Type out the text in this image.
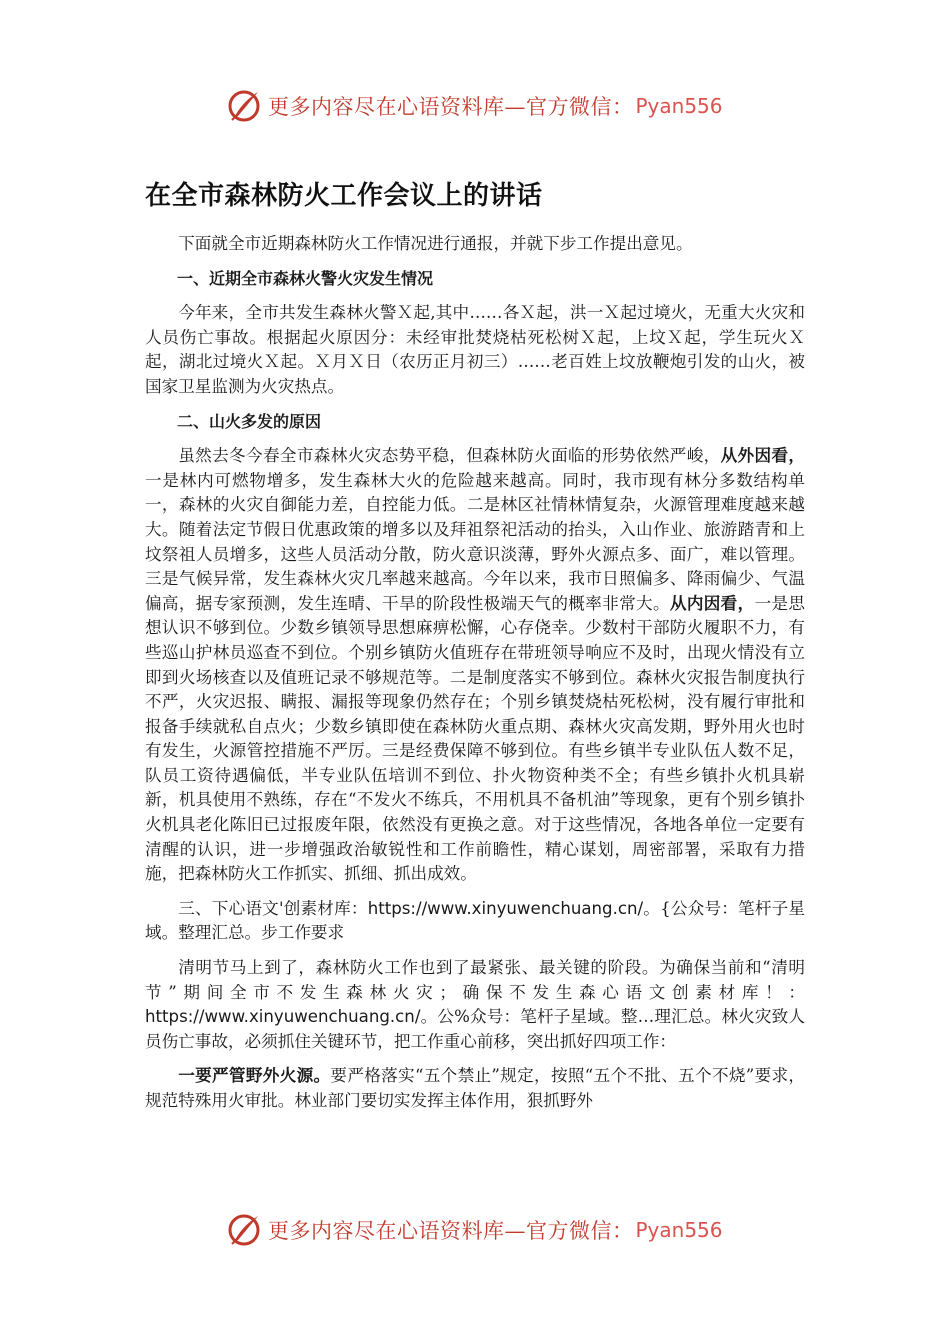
更多内容尽在心语资料库—官方微信： Pyan556
在全市森林防火工作会议上的讲话

下面就全市近期森林防火工作情况进行通报，并就下步工作提出意见。

一、近期全市森林火警火灾发生情况

今年来，全市共发生森林火警Ｘ起,其中……各Ｘ起，洪一Ｘ起过境火，无重大火灾和人员伤亡事故。根据起火原因分：未经审批焚烧枯死松树Ｘ起，上坟Ｘ起，学生玩火Ｘ起，湖北过境火Ｘ起。Ｘ月Ｘ日（农历正月初三）……老百姓上坟放鞭炮引发的山火，被国家卫星监测为火灾热点。

二、山火多发的原因

虽然去冬今春全市森林火灾态势平稳，但森林防火面临的形势依然严峻，从外因看，一是林内可燃物增多，发生森林大火的危险越来越高。同时，我市现有林分多数结构单一，森林的火灾自御能力差，自控能力低。二是林区社情林情复杂，火源管理难度越来越大。随着法定节假日优惠政策的增多以及拜祖祭祀活动的抬头，入山作业、旅游踏青和上坟祭祖人员增多，这些人员活动分散，防火意识淡薄，野外火源点多、面广，难以管理。三是气候异常，发生森林火灾几率越来越高。今年以来，我市日照偏多、降雨偏少、气温偏高，据专家预测，发生连晴、干旱的阶段性极端天气的概率非常大。从内因看，一是思想认识不够到位。少数乡镇领导思想麻痹松懈，心存侥幸。少数村干部防火履职不力，有些巡山护林员巡查不到位。个别乡镇防火值班存在带班领导响应不及时，出现火情没有立即到火场核查以及值班记录不够规范等。二是制度落实不够到位。森林火灾报告制度执行不严，火灾迟报、瞒报、漏报等现象仍然存在；个别乡镇焚烧枯死松树，没有履行审批和报备手续就私自点火；少数乡镇即使在森林防火重点期、森林火灾高发期，野外用火也时有发生，火源管控措施不严厉。三是经费保障不够到位。有些乡镇半专业队伍人数不足，队员工资待遇偏低，半专业队伍培训不到位、扑火物资种类不全；有些乡镇扑火机具崭新，机具使用不熟练，存在“不发火不练兵，不用机具不备机油”等现象，更有个别乡镇扑火机具老化陈旧已过报废年限，依然没有更换之意。对于这些情况，各地各单位一定要有清醒的认识，进一步增强政治敏锐性和工作前瞻性，精心谋划，周密部署，采取有力措施，把森林防火工作抓实、抓细、抓出成效。

三、下心语文'创素材库：https://www.xinyuwenchuang.cn/。{公众号：笔杆子星域。整理汇总。步工作要求

清明节马上到了，森林防火工作也到了最紧张、最关键的阶段。为确保当前和“清明节”期间全市不发生森林火灾；确保不发生森心语文创素材库！：https://www.xinyuwenchuang.cn/。公%众号：笔杆子星域。整…理汇总。林火灾致人员伤亡事故，必须抓住关键环节，把工作重心前移，突出抓好四项工作：

一要严管野外火源。要严格落实“五个禁止”规定，按照“五个不批、五个不烧”要求，规范特殊用火审批。林业部门要切实发挥主体作用，狠抓野外

更多内容尽在心语资料库—官方微信： Pyan556
